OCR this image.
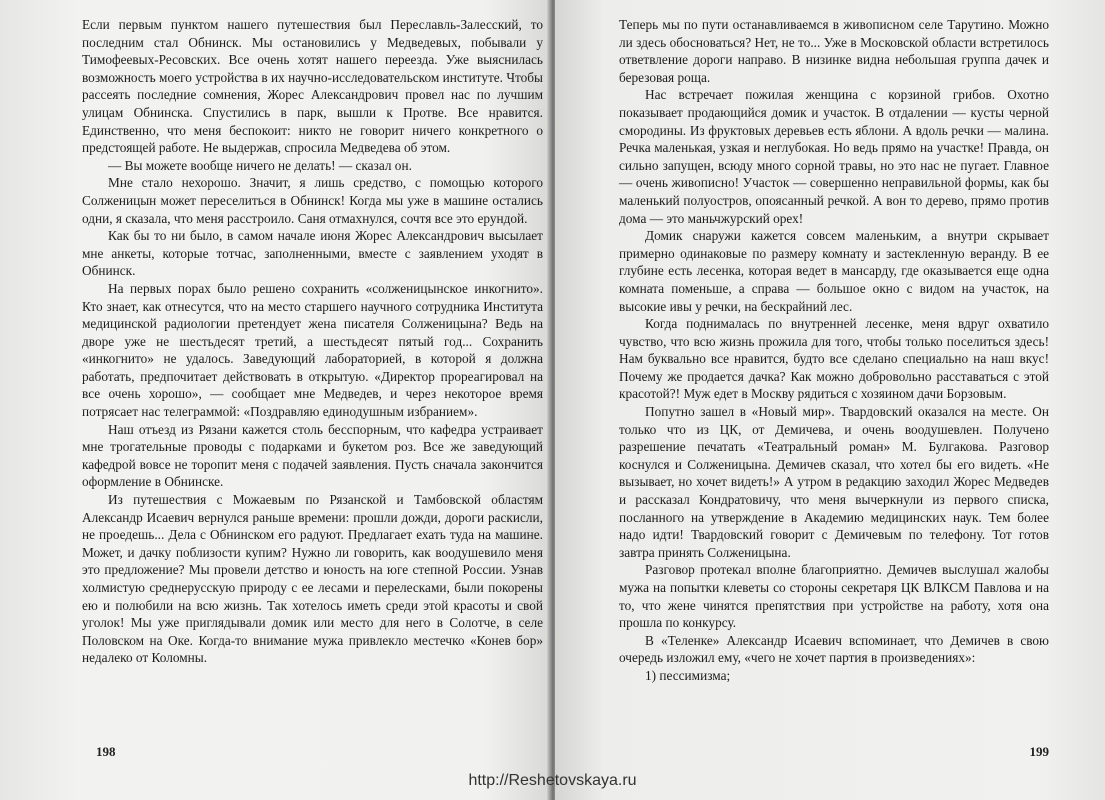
Если первым пунктом нашего путешествия был Переславль-Залесский, то последним стал Обнинск. Мы остановились у Медведевых, побывали у Тимофеевых-Ресовских. Все очень хотят нашего переезда. Уже выяснилась возможность моего устройства в их научно-исследовательском институте. Чтобы рассеять последние сомнения, Жорес Александрович провел нас по лучшим улицам Обнинска. Спустились в парк, вышли к Протве. Все нравится. Единственно, что меня беспокоит: никто не говорит ничего конкретного о предстоящей работе. Не выдержав, спросила Медведева об этом.

— Вы можете вообще ничего не делать! — сказал он.

Мне стало нехорошо. Значит, я лишь средство, с помощью которого Солженицын может переселиться в Обнинск! Когда мы уже в машине остались одни, я сказала, что меня расстроило. Саня отмахнулся, сочтя все это ерундой.

Как бы то ни было, в самом начале июня Жорес Александрович высылает мне анкеты, которые тотчас, заполненными, вместе с заявлением уходят в Обнинск.

На первых порах было решено сохранить «солженицынское инкогнито». Кто знает, как отнесутся, что на место старшего научного сотрудника Института медицинской радиологии претендует жена писателя Солженицына? Ведь на дворе уже не шестьдесят третий, а шестьдесят пятый год... Сохранить «инкогнито» не удалось. Заведующий лабораторией, в которой я должна работать, предпочитает действовать в открытую. «Директор прореагировал на все очень хорошо», — сообщает мне Медведев, и через некоторое время потрясает нас телеграммой: «Поздравляю единодушным избранием».

Наш отъезд из Рязани кажется столь бесспорным, что кафедра устраивает мне трогательные проводы с подарками и букетом роз. Все же заведующий кафедрой вовсе не торопит меня с подачей заявления. Пусть сначала закончится оформление в Обнинске.

Из путешествия с Можаевым по Рязанской и Тамбовской областям Александр Исаевич вернулся раньше времени: прошли дожди, дороги раскисли, не проедешь... Дела с Обнинском его радуют. Предлагает ехать туда на машине. Может, и дачку поблизости купим? Нужно ли говорить, как воодушевило меня это предложение? Мы провели детство и юность на юге степной России. Узнав холмистую среднерусскую природу с ее лесами и перелесками, были покорены ею и полюбили на всю жизнь. Так хотелось иметь среди этой красоты и свой уголок! Мы уже приглядывали домик или место для него в Солотче, в селе Половском на Оке. Когда-то внимание мужа привлекло местечко «Конев бор» недалеко от Коломны.

198

Теперь мы по пути останавливаемся в живописном селе Тарутино. Можно ли здесь обосноваться? Нет, не то... Уже в Московской области встретилось ответвление дороги направо. В низинке видна небольшая группа дачек и березовая роща.

Нас встречает пожилая женщина с корзиной грибов. Охотно показывает продающийся домик и участок. В отдалении — кусты черной смородины. Из фруктовых деревьев есть яблони. А вдоль речки — малина. Речка маленькая, узкая и неглубокая. Но ведь прямо на участке! Правда, он сильно запущен, всюду много сорной травы, но это нас не пугает. Главное — очень живописно! Участок — совершенно неправильной формы, как бы маленький полуостров, опоясанный речкой. А вон то дерево, прямо против дома — это маньчжурский орех!

Домик снаружи кажется совсем маленьким, а внутри скрывает примерно одинаковые по размеру комнату и застекленную веранду. В ее глубине есть лесенка, которая ведет в мансарду, где оказывается еще одна комната поменьше, а справа — большое окно с видом на участок, на высокие ивы у речки, на бескрайний лес.

Когда поднималась по внутренней лесенке, меня вдруг охватило чувство, что всю жизнь прожила для того, чтобы только поселиться здесь! Нам буквально все нравится, будто все сделано специально на наш вкус! Почему же продается дачка? Как можно добровольно расставаться с этой красотой?! Муж едет в Москву рядиться с хозяином дачи Борзовым.

Попутно зашел в «Новый мир». Твардовский оказался на месте. Он только что из ЦК, от Демичева, и очень воодушевлен. Получено разрешение печатать «Театральный роман» М. Булгакова. Разговор коснулся и Солженицына. Демичев сказал, что хотел бы его видеть. «Не вызывает, но хочет видеть!» А утром в редакцию заходил Жорес Медведев и рассказал Кондратовичу, что меня вычеркнули из первого списка, посланного на утверждение в Академию медицинских наук. Тем более надо идти! Твардовский говорит с Демичевым по телефону. Тот готов завтра принять Солженицына.

Разговор протекал вполне благоприятно. Демичев выслушал жалобы мужа на попытки клеветы со стороны секретаря ЦК ВЛКСМ Павлова и на то, что жене чинятся препятствия при устройстве на работу, хотя она прошла по конкурсу.

В «Теленке» Александр Исаевич вспоминает, что Демичев в свою очередь изложил ему, «чего не хочет партия в произведениях»:

1) пессимизма;

199
http://Reshetovskaya.ru
